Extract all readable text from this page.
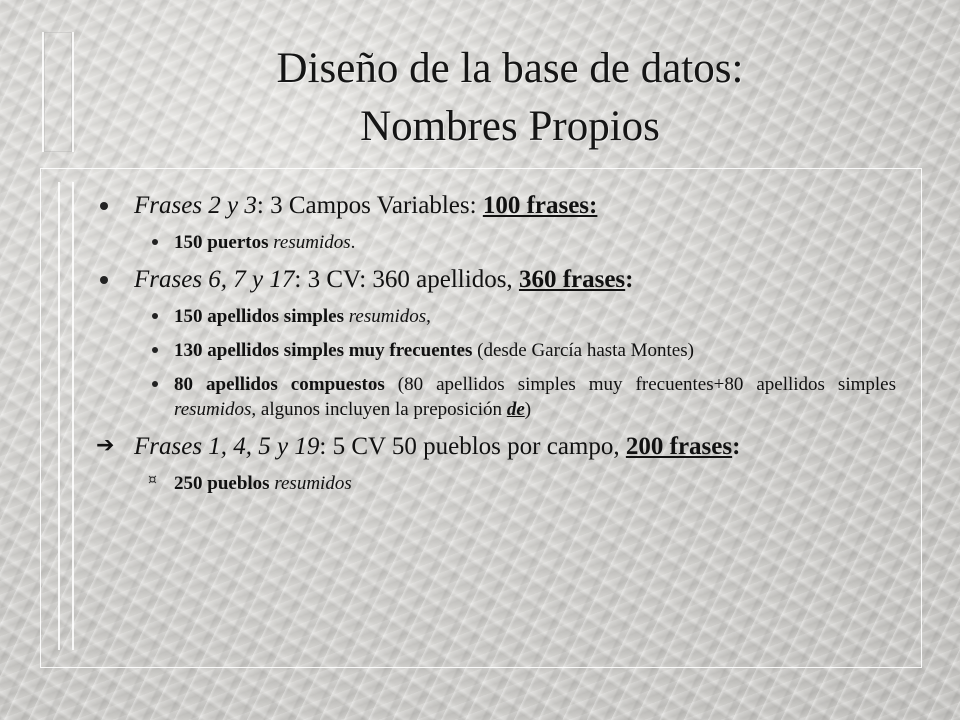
Diseño de la base de datos:
Nombres Propios
Frases 2 y 3: 3 Campos Variables: 100 frases:
150 puertos resumidos.
Frases 6, 7 y 17: 3 CV: 360 apellidos, 360 frases:
150 apellidos simples resumidos,
130 apellidos simples muy frecuentes (desde García hasta Montes)
80 apellidos compuestos (80 apellidos simples muy frecuentes+80 apellidos simples resumidos, algunos incluyen la preposición de)
➔ Frases 1, 4, 5 y 19: 5 CV 50 pueblos por campo, 200 frases:
¤ 250 pueblos resumidos
